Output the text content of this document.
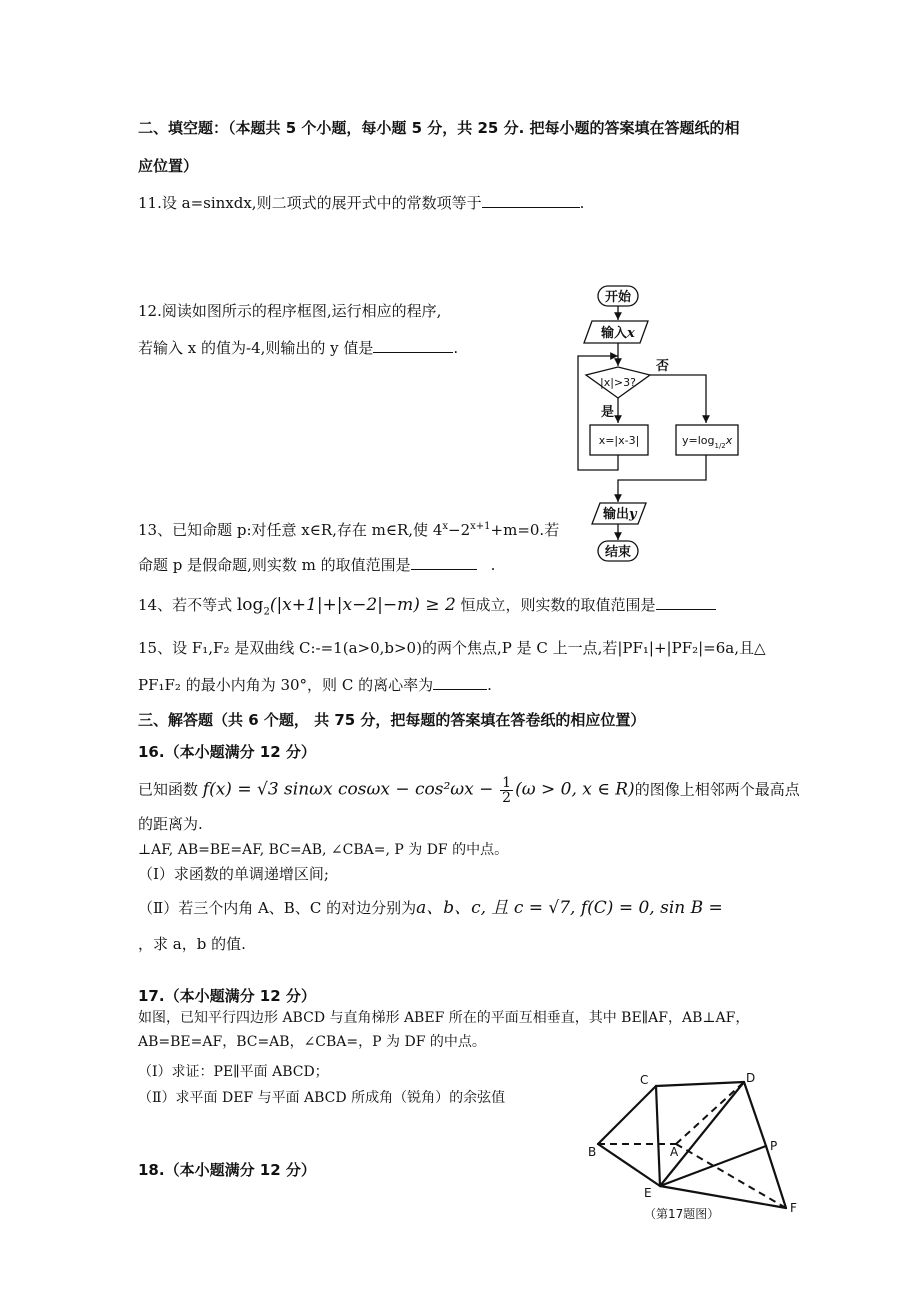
二、填空题：（本题共 5 个小题，每小题 5 分，共 25 分. 把每小题的答案填在答题纸的相
应位置）
11.设 a=sinxdx,则二项式的展开式中的常数项等于	.
12.阅读如图所示的程序框图,运行相应的程序,
若输入 x 的值为-4,则输出的 y 值是	.
开始
输入x
|x|>3?
否
是
x=|x-3|	$y=\log_{1/2}x$
输出y
结束
13、已知命题 p:对任意 x∈R,存在 m∈R,使 $4^x-2^{x+1}+m=0$.若
命题 p 是假命题,则实数 m 的取值范围是	.
14、若不等式 $\log_2(|x+1|+|x-2|-m) \ge 2$ 恒成立，则实数的取值范围是
15、设 F₁,F₂ 是双曲线 C:-=1(a>0,b>0)的两个焦点,P 是 C 上一点,若|PF₁|+|PF₂|=6a,且△
PF₁F₂ 的最小内角为 30°，则 C 的离心率为	.
三、解答题（共 6 个题， 共 75 分，把每题的答案填在答卷纸的相应位置）
16.（本小题满分 12 分）
已知函数 f(x) = √3 sinωx $\cos\omega x - \cos^2\omega x - \frac{1}{2} (\omega > 0$, x ∈ R)的图像上相邻两个最高点
的距离为.
⊥AF, AB=BE=AF, BC=AB, ∠CBA=, P 为 DF 的中点。
（Ⅰ）求函数的单调递增区间;
（Ⅱ）若三个内角 A、B、C 的对边分别为a、b、c, 且 c = √7, f(C) = 0, sin B =
，求 a，b 的值.
17.（本小题满分 12 分）
如图，已知平行四边形 ABCD 与直角梯形 ABEF 所在的平面互相垂直，其中 BE∥AF，AB⊥AF，
AB=BE=AF，BC=AB，∠CBA=，P 为 DF 的中点。
（Ⅰ）求证：PE∥平面 ABCD；
（Ⅱ）求平面 DEF 与平面 ABCD 所成角（锐角）的余弦值
18.（本小题满分 12 分）
C	D
B	A	P
E
F
（第17题图）
